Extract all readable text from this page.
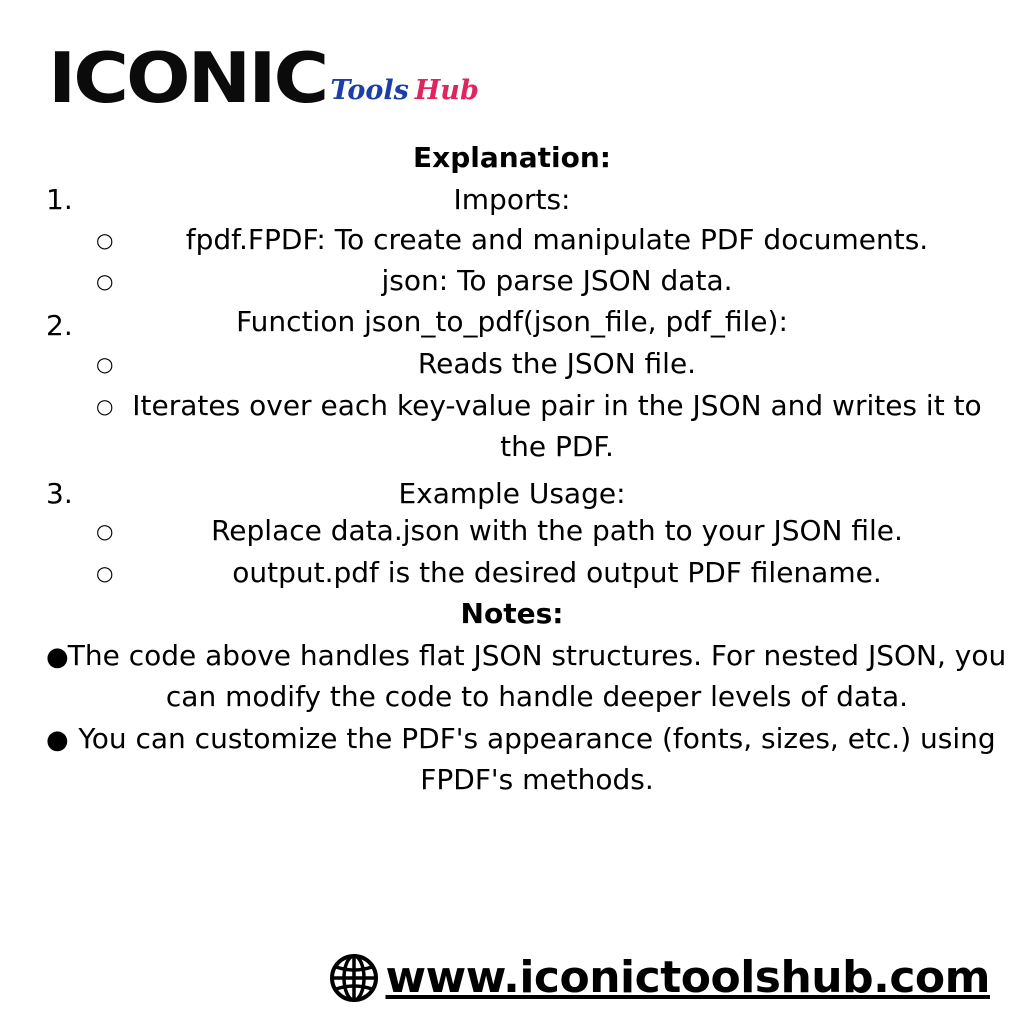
ICONIC Tools Hub
Explanation:
1.	Imports:
○	fpdf.FPDF: To create and manipulate PDF documents.
○	json: To parse JSON data.
2.	Function json_to_pdf(json_file, pdf_file):
○	Reads the JSON file.
○ Iterates over each key-value pair in the JSON and writes it to
the PDF.
3.	Example Usage:
○	Replace data.json with the path to your JSON file.
○	output.pdf is the desired output PDF filename.
Notes:
● The code above handles flat JSON structures. For nested JSON, you
can modify the code to handle deeper levels of data.
● You can customize the PDF's appearance (fonts, sizes, etc.) using
FPDF's methods.
www.iconictoolshub.com
